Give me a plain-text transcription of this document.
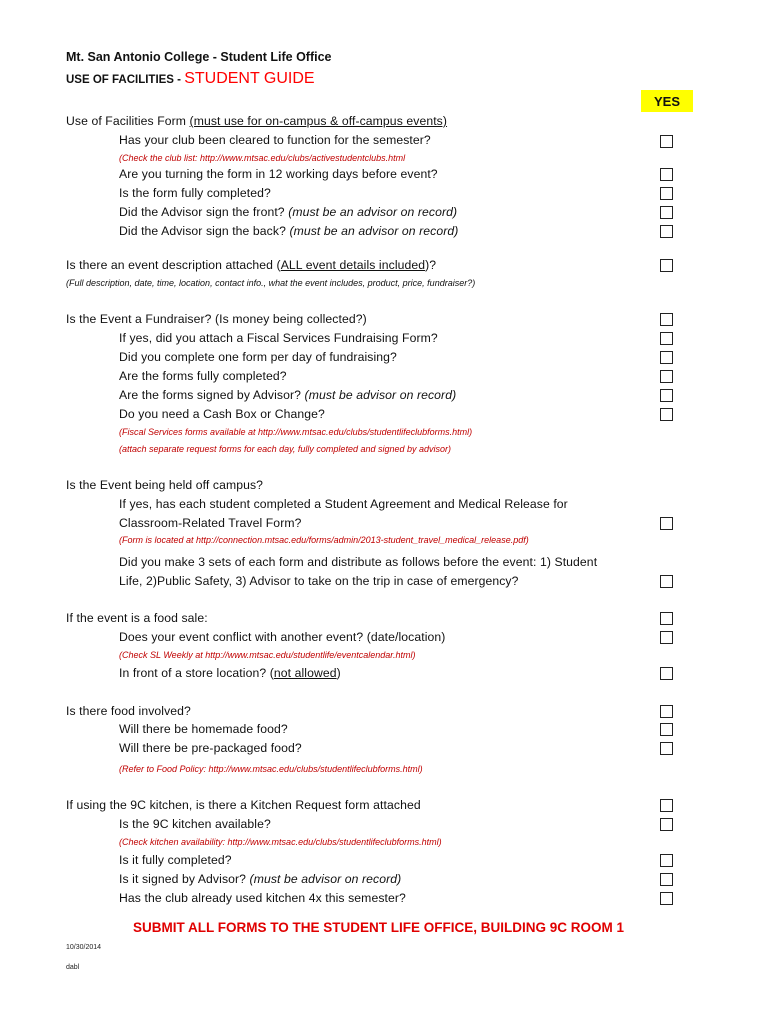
Mt. San Antonio College - Student Life Office
USE OF FACILITIES - STUDENT GUIDE
YES
Use of Facilities Form (must use for on-campus & off-campus events)
Has your club been cleared to function for the semester?
(Check the club list: http://www.mtsac.edu/clubs/activestudentclubs.html
Are you turning the form in 12 working days before event?
Is the form fully completed?
Did the Advisor sign the front? (must be an advisor on record)
Did the Advisor sign the back? (must be an advisor on record)
Is there an event description attached (ALL event details included)?
(Full description, date, time, location, contact info., what the event includes, product, price, fundraiser?)
Is the Event a Fundraiser? (Is money being collected?)
If yes, did you attach a Fiscal Services Fundraising Form?
Did you complete one form per day of fundraising?
Are the forms fully completed?
Are the forms signed by Advisor? (must be advisor on record)
Do you need a Cash Box or Change?
(Fiscal Services forms available at http://www.mtsac.edu/clubs/studentlifeclubforms.html)
(attach separate request forms for each day, fully completed and signed by advisor)
Is the Event being held off campus?
If yes, has each student completed a Student Agreement and Medical Release for
Classroom-Related Travel Form?
(Form is located at http://connection.mtsac.edu/forms/admin/2013-student_travel_medical_release.pdf)
Did you make 3 sets of each form and distribute as follows before the event: 1) Student
Life, 2)Public Safety, 3) Advisor to take on the trip in case of emergency?
If the event is a food sale:
Does your event conflict with another event? (date/location)
(Check SL Weekly at http://www.mtsac.edu/studentlife/eventcalendar.html)
In front of a store location? (not allowed)
Is there food involved?
Will there be homemade food?
Will there be pre-packaged food?
(Refer to Food Policy: http://www.mtsac.edu/clubs/studentlifeclubforms.html)
If using the 9C kitchen, is there a Kitchen Request form attached
Is the 9C kitchen available?
(Check kitchen availability: http://www.mtsac.edu/clubs/studentlifeclubforms.html)
Is it fully completed?
Is it signed by Advisor? (must be advisor on record)
Has the club already used kitchen 4x this semester?
SUBMIT ALL FORMS TO THE STUDENT LIFE OFFICE, BUILDING 9C ROOM 1
10/30/2014
dabl
